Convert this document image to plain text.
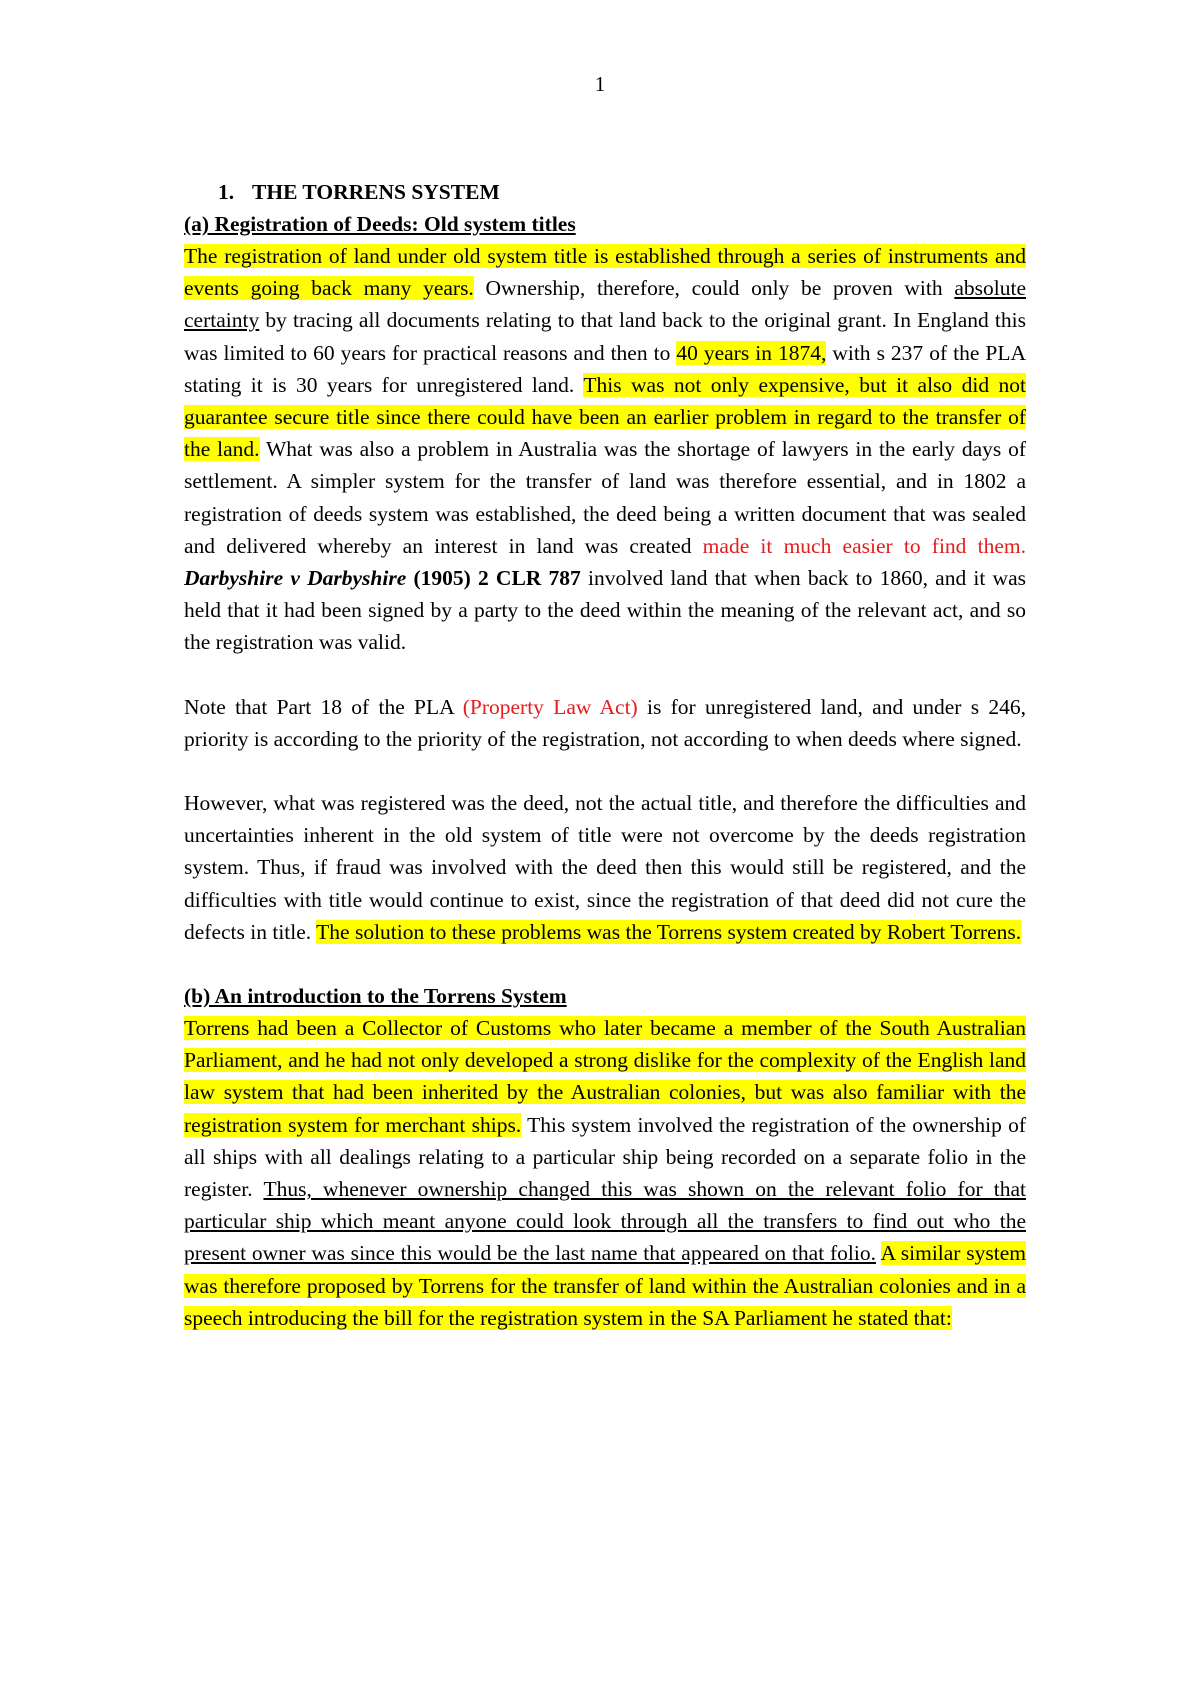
1
1. THE TORRENS SYSTEM
(a) Registration of Deeds: Old system titles

The registration of land under old system title is established through a series of instruments and events going back many years. Ownership, therefore, could only be proven with absolute certainty by tracing all documents relating to that land back to the original grant. In England this was limited to 60 years for practical reasons and then to 40 years in 1874, with s 237 of the PLA stating it is 30 years for unregistered land. This was not only expensive, but it also did not guarantee secure title since there could have been an earlier problem in regard to the transfer of the land. What was also a problem in Australia was the shortage of lawyers in the early days of settlement. A simpler system for the transfer of land was therefore essential, and in 1802 a registration of deeds system was established, the deed being a written document that was sealed and delivered whereby an interest in land was created made it much easier to find them. Darbyshire v Darbyshire (1905) 2 CLR 787 involved land that when back to 1860, and it was held that it had been signed by a party to the deed within the meaning of the relevant act, and so the registration was valid.

Note that Part 18 of the PLA (Property Law Act) is for unregistered land, and under s 246, priority is according to the priority of the registration, not according to when deeds where signed.

However, what was registered was the deed, not the actual title, and therefore the difficulties and uncertainties inherent in the old system of title were not overcome by the deeds registration system. Thus, if fraud was involved with the deed then this would still be registered, and the difficulties with title would continue to exist, since the registration of that deed did not cure the defects in title. The solution to these problems was the Torrens system created by Robert Torrens.

(b) An introduction to the Torrens System

Torrens had been a Collector of Customs who later became a member of the South Australian Parliament, and he had not only developed a strong dislike for the complexity of the English land law system that had been inherited by the Australian colonies, but was also familiar with the registration system for merchant ships. This system involved the registration of the ownership of all ships with all dealings relating to a particular ship being recorded on a separate folio in the register. Thus, whenever ownership changed this was shown on the relevant folio for that particular ship which meant anyone could look through all the transfers to find out who the present owner was since this would be the last name that appeared on that folio. A similar system was therefore proposed by Torrens for the transfer of land within the Australian colonies and in a speech introducing the bill for the registration system in the SA Parliament he stated that:
